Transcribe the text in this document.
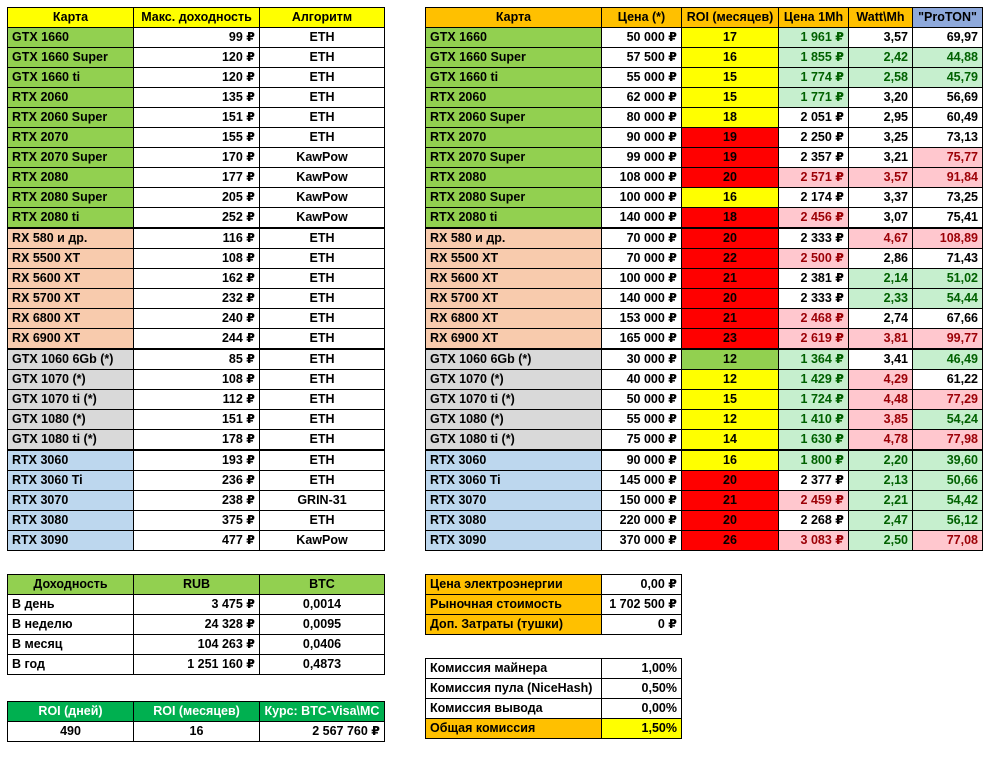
Карта	Макс. доходность	Алгоритм
GTX 1660	99 ₽	ETH
GTX 1660 Super	120 ₽	ETH
GTX 1660 ti	120 ₽	ETH
RTX 2060	135 ₽	ETH
RTX 2060 Super	151 ₽	ETH
RTX 2070	155 ₽	ETH
RTX 2070 Super	170 ₽	KawPow
RTX 2080	177 ₽	KawPow
RTX 2080 Super	205 ₽	KawPow
RTX 2080 ti	252 ₽	KawPow
RX 580 и др.	116 ₽	ETH
RX 5500 XT	108 ₽	ETH
RX 5600 XT	162 ₽	ETH
RX 5700 XT	232 ₽	ETH
RX 6800 XT	240 ₽	ETH
RX 6900 XT	244 ₽	ETH
GTX 1060 6Gb (*)	85 ₽	ETH
GTX 1070 (*)	108 ₽	ETH
GTX 1070 ti (*)	112 ₽	ETH
GTX 1080 (*)	151 ₽	ETH
GTX 1080 ti (*)	178 ₽	ETH
RTX 3060	193 ₽	ETH
RTX 3060 Ti	236 ₽	ETH
RTX 3070	238 ₽	GRIN-31
RTX 3080	375 ₽	ETH
RTX 3090	477 ₽	KawPow
Карта	Цена (*)	ROI (месяцев)	Цена 1Mh	Watt\Mh	"ProTON"
GTX 1660	50 000 ₽	17	1 961 ₽	3,57	69,97
GTX 1660 Super	57 500 ₽	16	1 855 ₽	2,42	44,88
GTX 1660 ti	55 000 ₽	15	1 774 ₽	2,58	45,79
RTX 2060	62 000 ₽	15	1 771 ₽	3,20	56,69
RTX 2060 Super	80 000 ₽	18	2 051 ₽	2,95	60,49
RTX 2070	90 000 ₽	19	2 250 ₽	3,25	73,13
RTX 2070 Super	99 000 ₽	19	2 357 ₽	3,21	75,77
RTX 2080	108 000 ₽	20	2 571 ₽	3,57	91,84
RTX 2080 Super	100 000 ₽	16	2 174 ₽	3,37	73,25
RTX 2080 ti	140 000 ₽	18	2 456 ₽	3,07	75,41
RX 580 и др.	70 000 ₽	20	2 333 ₽	4,67	108,89
RX 5500 XT	70 000 ₽	22	2 500 ₽	2,86	71,43
RX 5600 XT	100 000 ₽	21	2 381 ₽	2,14	51,02
RX 5700 XT	140 000 ₽	20	2 333 ₽	2,33	54,44
RX 6800 XT	153 000 ₽	21	2 468 ₽	2,74	67,66
RX 6900 XT	165 000 ₽	23	2 619 ₽	3,81	99,77
GTX 1060 6Gb (*)	30 000 ₽	12	1 364 ₽	3,41	46,49
GTX 1070 (*)	40 000 ₽	12	1 429 ₽	4,29	61,22
GTX 1070 ti (*)	50 000 ₽	15	1 724 ₽	4,48	77,29
GTX 1080 (*)	55 000 ₽	12	1 410 ₽	3,85	54,24
GTX 1080 ti (*)	75 000 ₽	14	1 630 ₽	4,78	77,98
RTX 3060	90 000 ₽	16	1 800 ₽	2,20	39,60
RTX 3060 Ti	145 000 ₽	20	2 377 ₽	2,13	50,66
RTX 3070	150 000 ₽	21	2 459 ₽	2,21	54,42
RTX 3080	220 000 ₽	20	2 268 ₽	2,47	56,12
RTX 3090	370 000 ₽	26	3 083 ₽	2,50	77,08
Доходность	RUB	BTC
В день	3 475 ₽	0,0014
В неделю	24 328 ₽	0,0095
В месяц	104 263 ₽	0,0406
В год	1 251 160 ₽	0,4873
ROI (дней)	ROI (месяцев)	Курс: BTC-Visa\MC
490	16	2 567 760 ₽
Цена электроэнергии	0,00 ₽
Рыночная стоимость	1 702 500 ₽
Доп. Затраты (тушки)	0 ₽
Комиссия майнера	1,00%
Комиссия пула (NiceHash)	0,50%
Комиссия вывода	0,00%
Общая комиссия	1,50%
